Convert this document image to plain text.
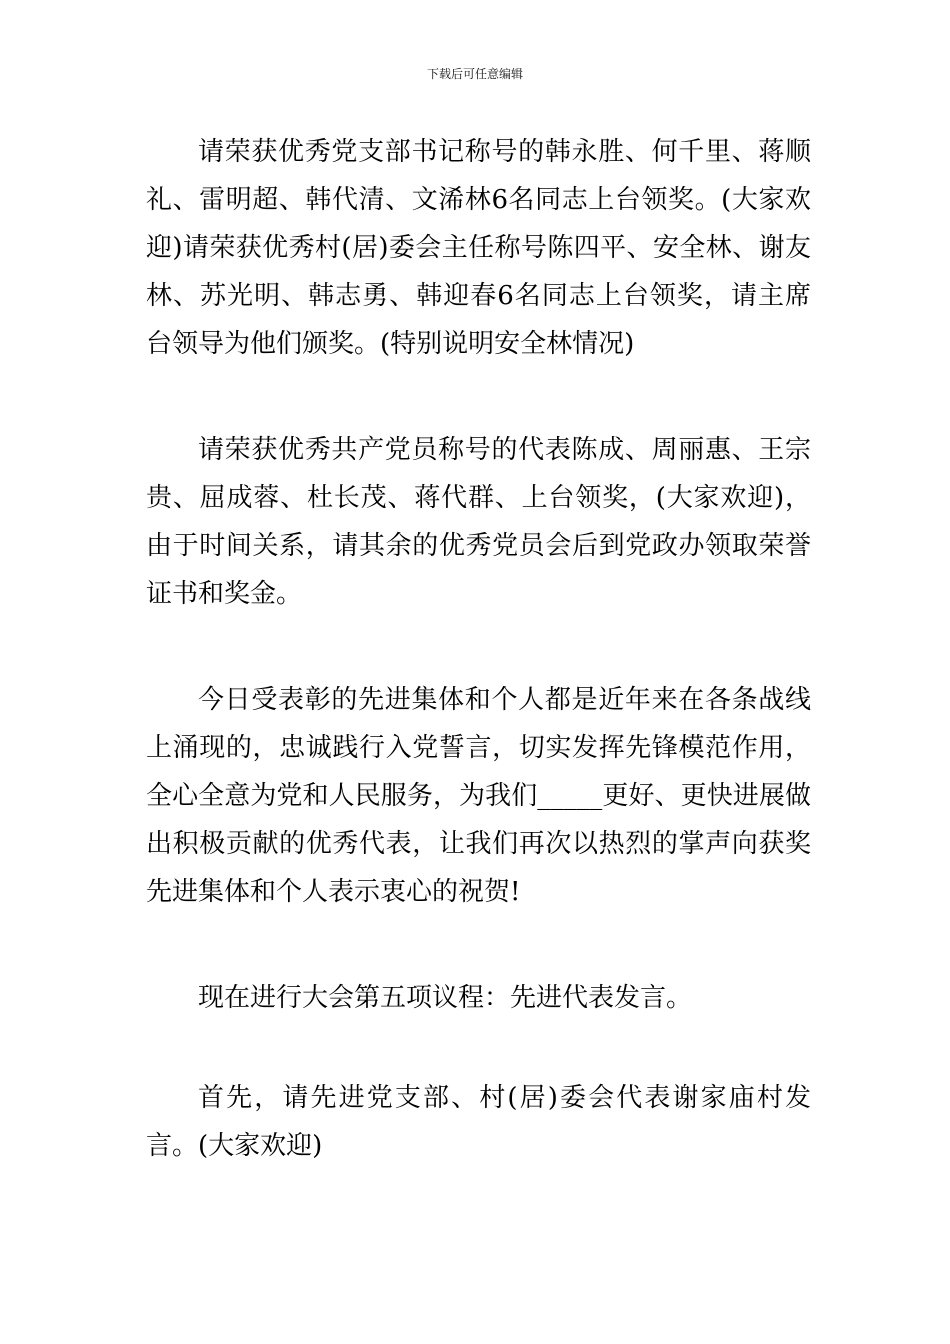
下载后可任意编辑

请荣获优秀党支部书记称号的韩永胜、何千里、蒋顺礼、雷明超、韩代清、文浠林6名同志上台领奖。(大家欢迎)请荣获优秀村(居)委会主任称号陈四平、安全林、谢友林、苏光明、韩志勇、韩迎春6名同志上台领奖，请主席台领导为他们颁奖。(特别说明安全林情况)

请荣获优秀共产党员称号的代表陈成、周丽惠、王宗贵、屈成蓉、杜长茂、蒋代群、上台领奖，(大家欢迎)，由于时间关系，请其余的优秀党员会后到党政办领取荣誉证书和奖金。

今日受表彰的先进集体和个人都是近年来在各条战线上涌现的，忠诚践行入党誓言，切实发挥先锋模范作用，全心全意为党和人民服务，为我们_____更好、更快进展做出积极贡献的优秀代表，让我们再次以热烈的掌声向获奖先进集体和个人表示衷心的祝贺!

现在进行大会第五项议程：先进代表发言。

首先，请先进党支部、村(居)委会代表谢家庙村发言。(大家欢迎)
